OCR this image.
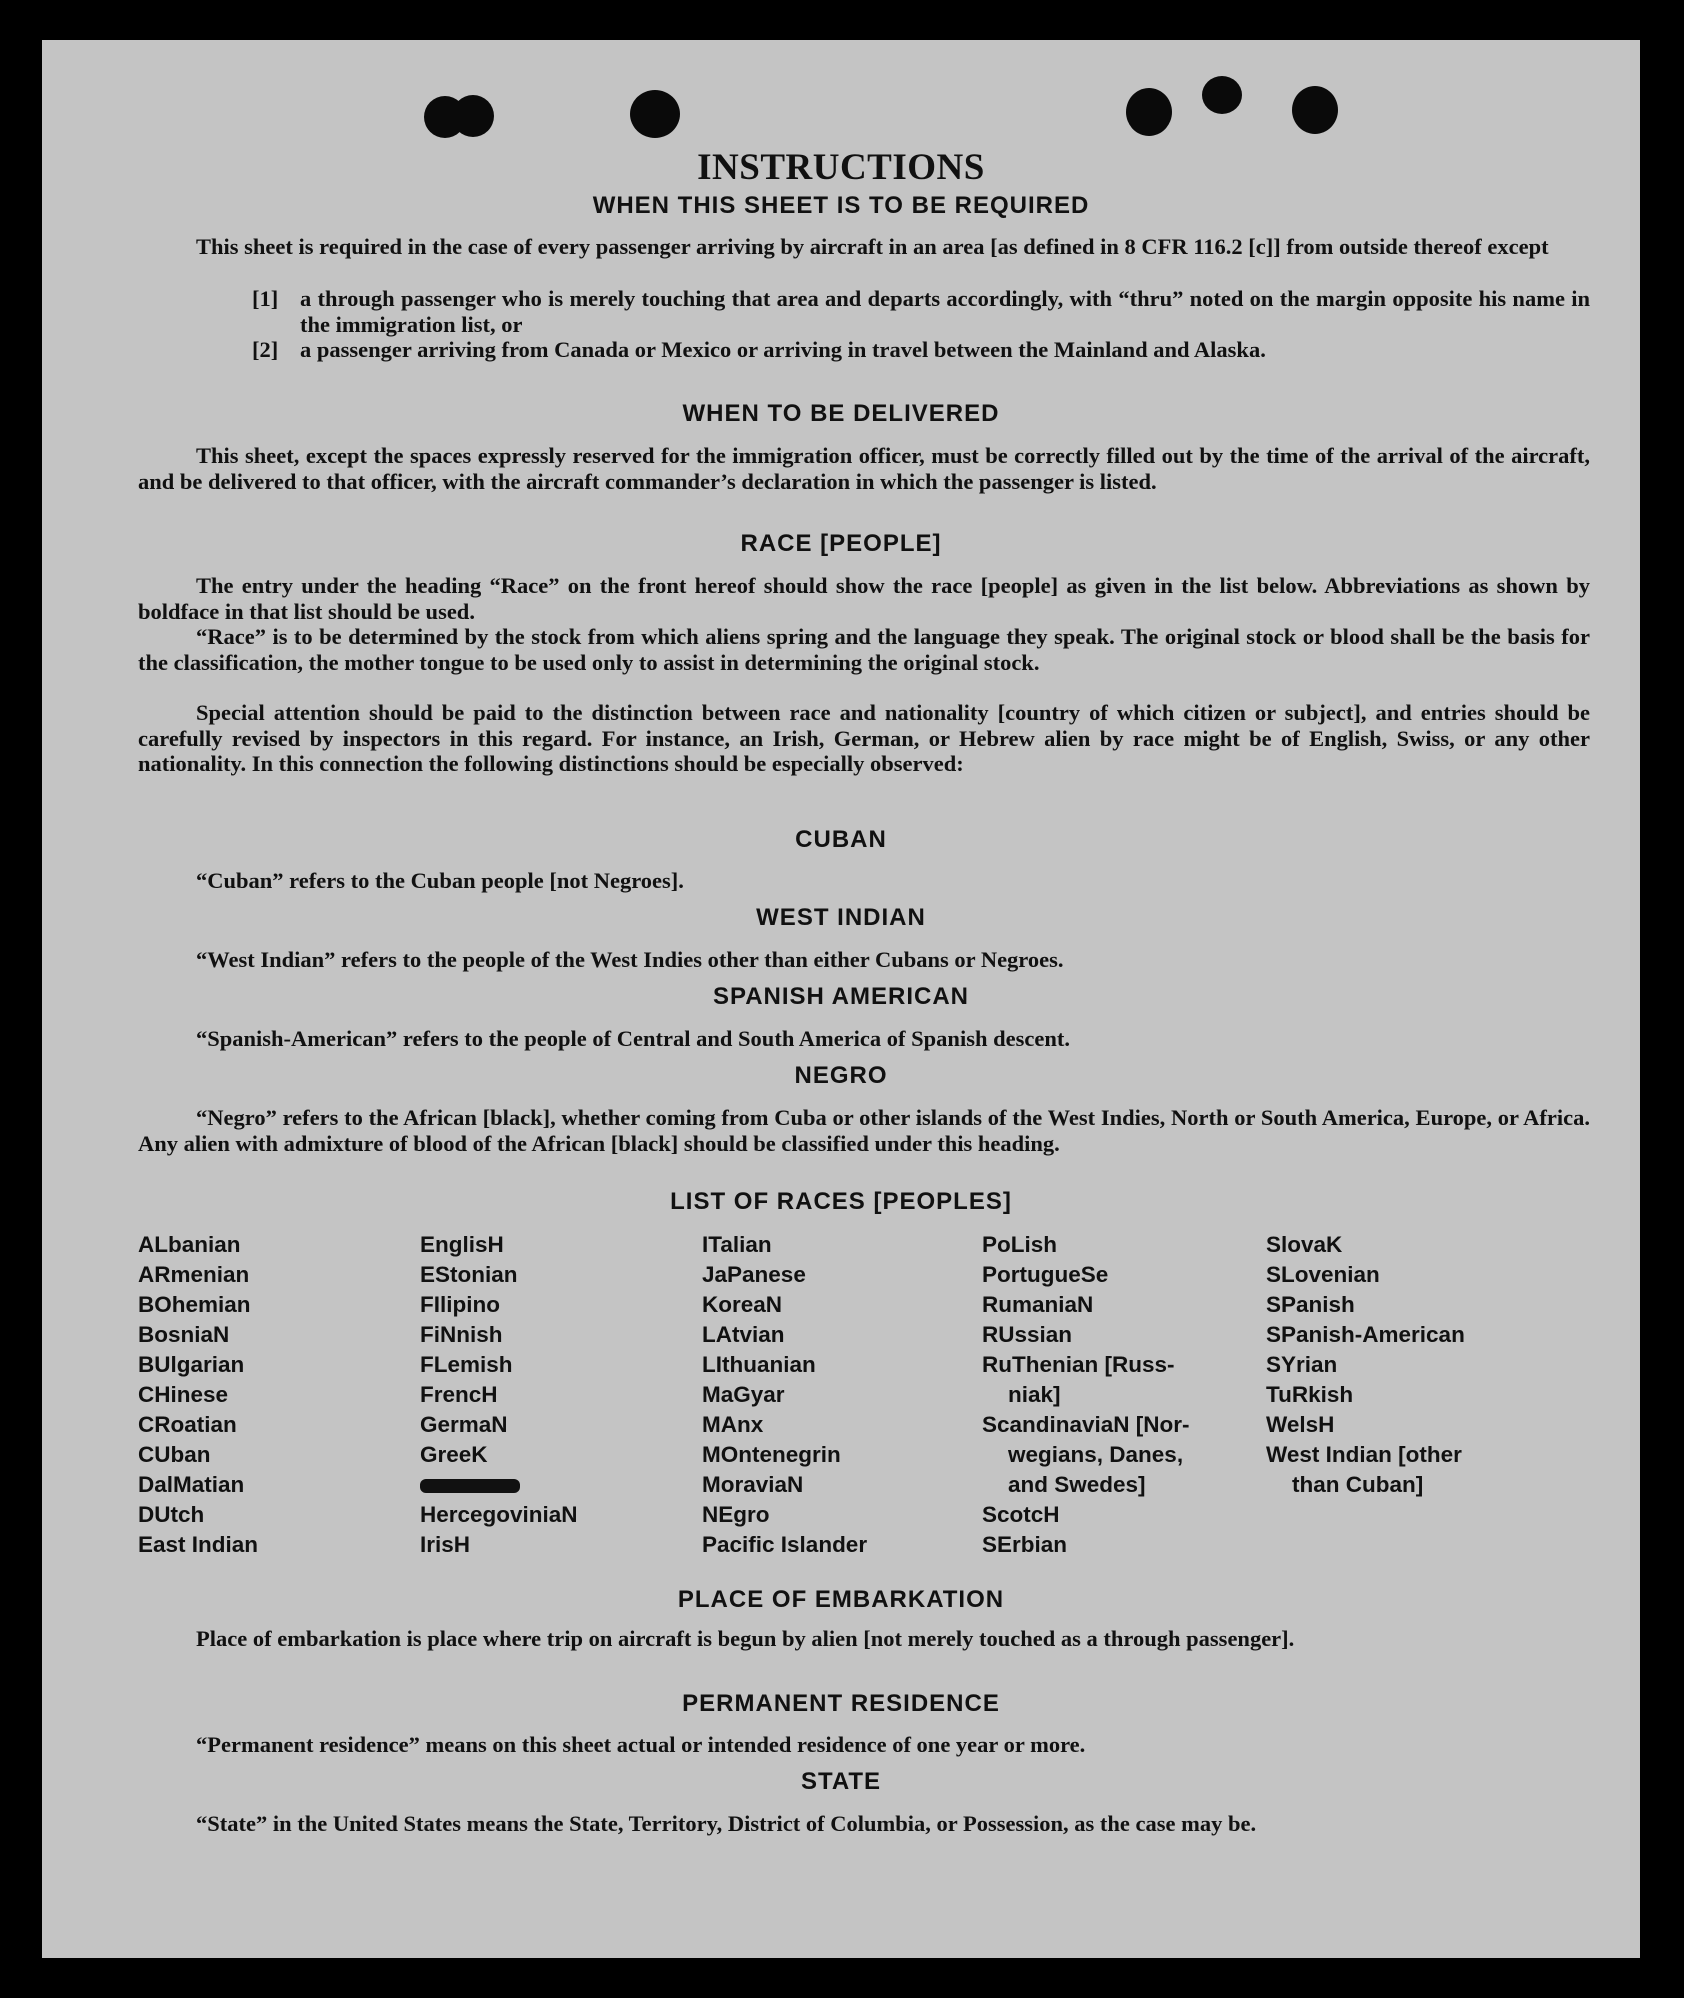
INSTRUCTIONS
WHEN THIS SHEET IS TO BE REQUIRED
This sheet is required in the case of every passenger arriving by aircraft in an area [as defined in 8 CFR 116.2 [c]] from outside thereof except
[1] a through passenger who is merely touching that area and departs accordingly, with “thru” noted on the margin opposite his name in the immigration list, or
[2] a passenger arriving from Canada or Mexico or arriving in travel between the Mainland and Alaska.
WHEN TO BE DELIVERED
This sheet, except the spaces expressly reserved for the immigration officer, must be correctly filled out by the time of the arrival of the aircraft, and be delivered to that officer, with the aircraft commander’s declaration in which the passenger is listed.
RACE [PEOPLE]
The entry under the heading “Race” on the front hereof should show the race [people] as given in the list below. Abbreviations as shown by boldface in that list should be used.
“Race” is to be determined by the stock from which aliens spring and the language they speak. The original stock or blood shall be the basis for the classification, the mother tongue to be used only to assist in determining the original stock.
Special attention should be paid to the distinction between race and nationality [country of which citizen or subject], and entries should be carefully revised by inspectors in this regard. For instance, an Irish, German, or Hebrew alien by race might be of English, Swiss, or any other nationality. In this connection the following distinctions should be especially observed:
CUBAN
“Cuban” refers to the Cuban people [not Negroes].
WEST INDIAN
“West Indian” refers to the people of the West Indies other than either Cubans or Negroes.
SPANISH AMERICAN
“Spanish-American” refers to the people of Central and South America of Spanish descent.
NEGRO
“Negro” refers to the African [black], whether coming from Cuba or other islands of the West Indies, North or South America, Europe, or Africa. Any alien with admixture of blood of the African [black] should be classified under this heading.
LIST OF RACES [PEOPLES]
ALbanian
ARmenian
BOhemian
BosniaN
BUlgarian
CHinese
CRoatian
CUban
DalMatian
DUtch
East Indian
EnglisH
EStonian
FIlipino
FiNnish
FLemish
FrencH
GermaN
GreeK
HercegoviniaN
IrisH
ITalian
JaPanese
KoreaN
LAtvian
LIthuanian
MaGyar
MAnx
MOntenegrin
MoraviaN
NEgro
Pacific Islander
PoLish
PortugueSe
RumaniaN
RUssian
RuThenian [Russ-
niak]
ScandinaviaN [Nor-
wegians, Danes,
and Swedes]
ScotcH
SErbian
SlovaK
SLovenian
SPanish
SPanish-American
SYrian
TuRkish
WelsH
West Indian [other
than Cuban]
PLACE OF EMBARKATION
Place of embarkation is place where trip on aircraft is begun by alien [not merely touched as a through passenger].
PERMANENT RESIDENCE
“Permanent residence” means on this sheet actual or intended residence of one year or more.
STATE
“State” in the United States means the State, Territory, District of Columbia, or Possession, as the case may be.
